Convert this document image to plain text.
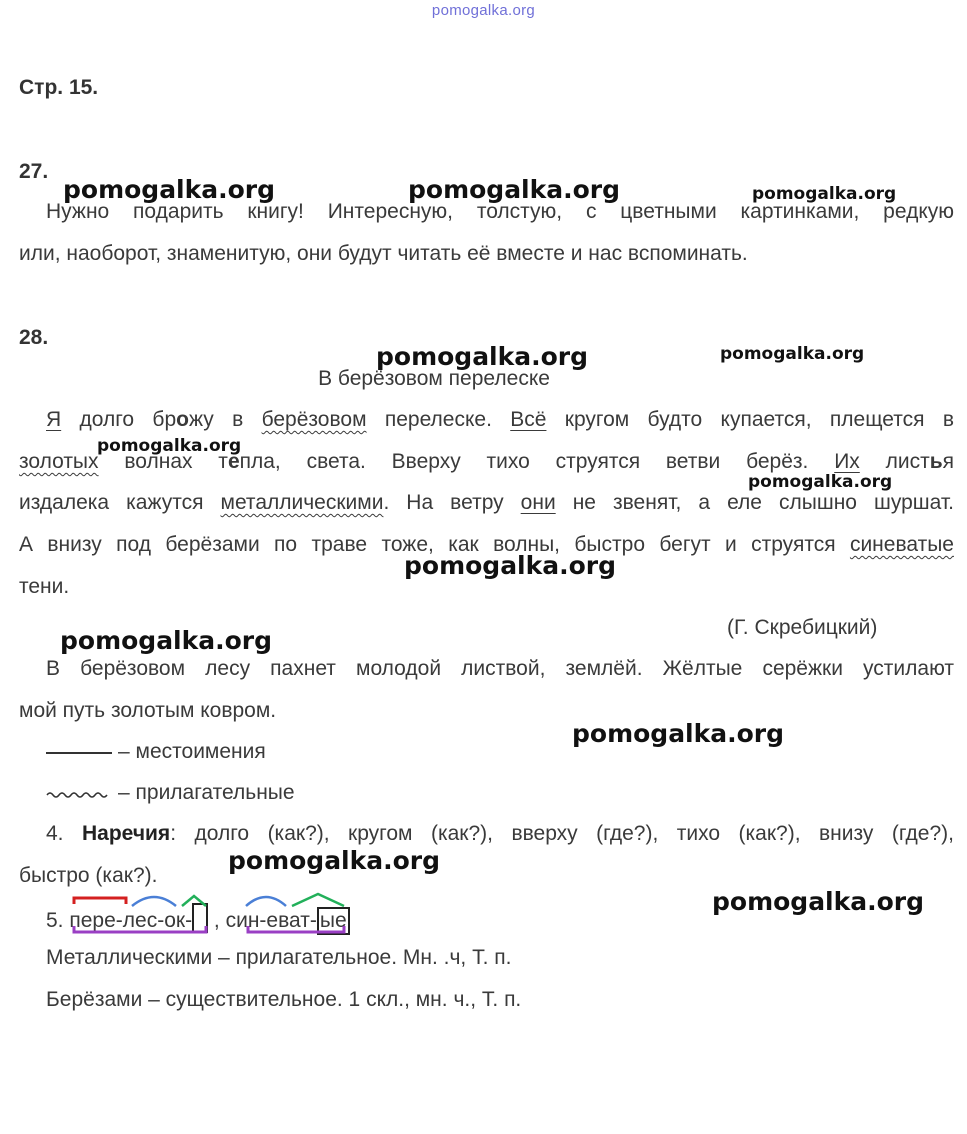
pomogalka.org
Стр. 15.
27.
Нужно подарить книгу! Интересную, толстую, с цветными картинками, редкую
или, наоборот, знаменитую, они будут читать её вместе и нас вспоминать.
28.
В берёзовом перелеске
Я долго брожу в берёзовом перелеске. Всё кругом будто купается, плещется в
золотых волнах тепла, света. Вверху тихо струятся ветви берёз. Их листья
издалека кажутся металлическими. На ветру они не звенят, а еле слышно шуршат.
А внизу под берёзами по траве тоже, как волны, быстро бегут и струятся синеватые
тени.
(Г. Скребицкий)
В берёзовом лесу пахнет молодой листвой, землёй. Жёлтые серёжки устилают
мой путь золотым ковром.
– местоимения
– прилагательные
4. Наречия: долго (как?), кругом (как?), вверху (где?), тихо (как?), внизу (где?),
быстро (как?).
5. пере-лес-ок- , син-еват- ые
Металлическими – прилагательное. Мн. .ч, Т. п.
Берёзами – существительное. 1 скл., мн. ч., Т. п.
pomogalka.org	pomogalka.org	pomogalka.org
pomogalka.org	pomogalka.org
pomogalka.org
pomogalka.org
pomogalka.org
pomogalka.org
pomogalka.org
pomogalka.org
pomogalka.org
